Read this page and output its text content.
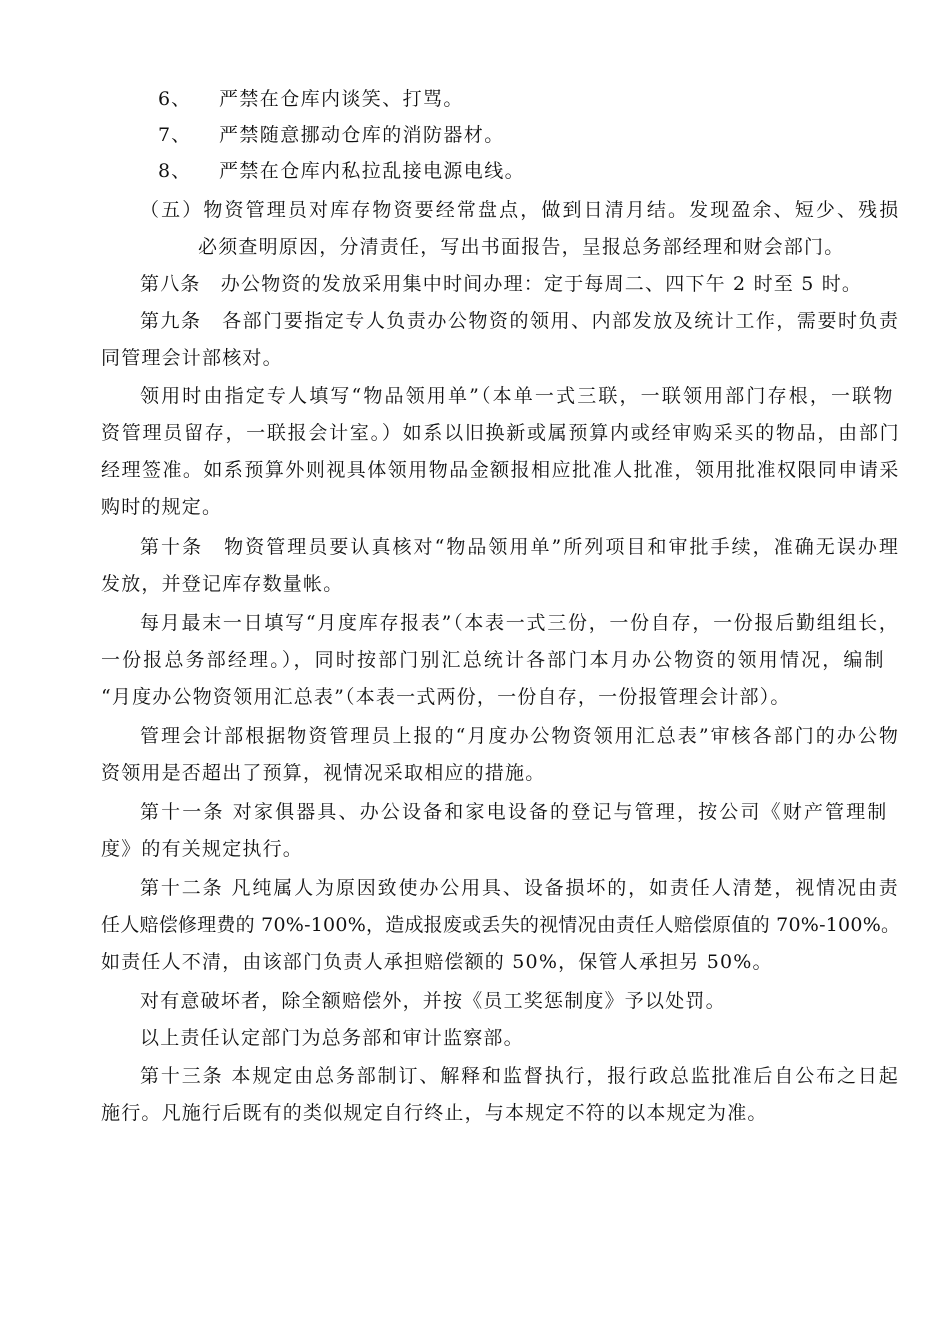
6、 严禁在仓库内谈笑、打骂。
7、 严禁随意挪动仓库的消防器材。
8、 严禁在仓库内私拉乱接电源电线。
（五）物资管理员对库存物资要经常盘点，做到日清月结。发现盈余、短少、残损
必须查明原因，分清责任，写出书面报告，呈报总务部经理和财会部门。
第八条　办公物资的发放采用集中时间办理：定于每周二、四下午 2 时至 5 时。
第九条　各部门要指定专人负责办公物资的领用、内部发放及统计工作，需要时负责
同管理会计部核对。
领用时由指定专人填写“物品领用单”（本单一式三联，一联领用部门存根，一联物
资管理员留存，一联报会计室。）如系以旧换新或属预算内或经审购采买的物品，由部门
经理签准。如系预算外则视具体领用物品金额报相应批准人批准，领用批准权限同申请采
购时的规定。
第十条　物资管理员要认真核对“物品领用单”所列项目和审批手续，准确无误办理
发放，并登记库存数量帐。
每月最末一日填写“月度库存报表”（本表一式三份，一份自存，一份报后勤组组长，
一份报总务部经理。），同时按部门别汇总统计各部门本月办公物资的领用情况，编制
“月度办公物资领用汇总表”（本表一式两份，一份自存，一份报管理会计部）。
管理会计部根据物资管理员上报的“月度办公物资领用汇总表”审核各部门的办公物
资领用是否超出了预算，视情况采取相应的措施。
第十一条 对家俱器具、办公设备和家电设备的登记与管理，按公司《财产管理制
度》的有关规定执行。
第十二条 凡纯属人为原因致使办公用具、设备损坏的，如责任人清楚，视情况由责
任人赔偿修理费的 70%-100%，造成报废或丢失的视情况由责任人赔偿原值的 70%-100%。
如责任人不清，由该部门负责人承担赔偿额的 50%，保管人承担另 50%。
对有意破坏者，除全额赔偿外，并按《员工奖惩制度》予以处罚。
以上责任认定部门为总务部和审计监察部。
第十三条 本规定由总务部制订、解释和监督执行，报行政总监批准后自公布之日起
施行。凡施行后既有的类似规定自行终止，与本规定不符的以本规定为准。
